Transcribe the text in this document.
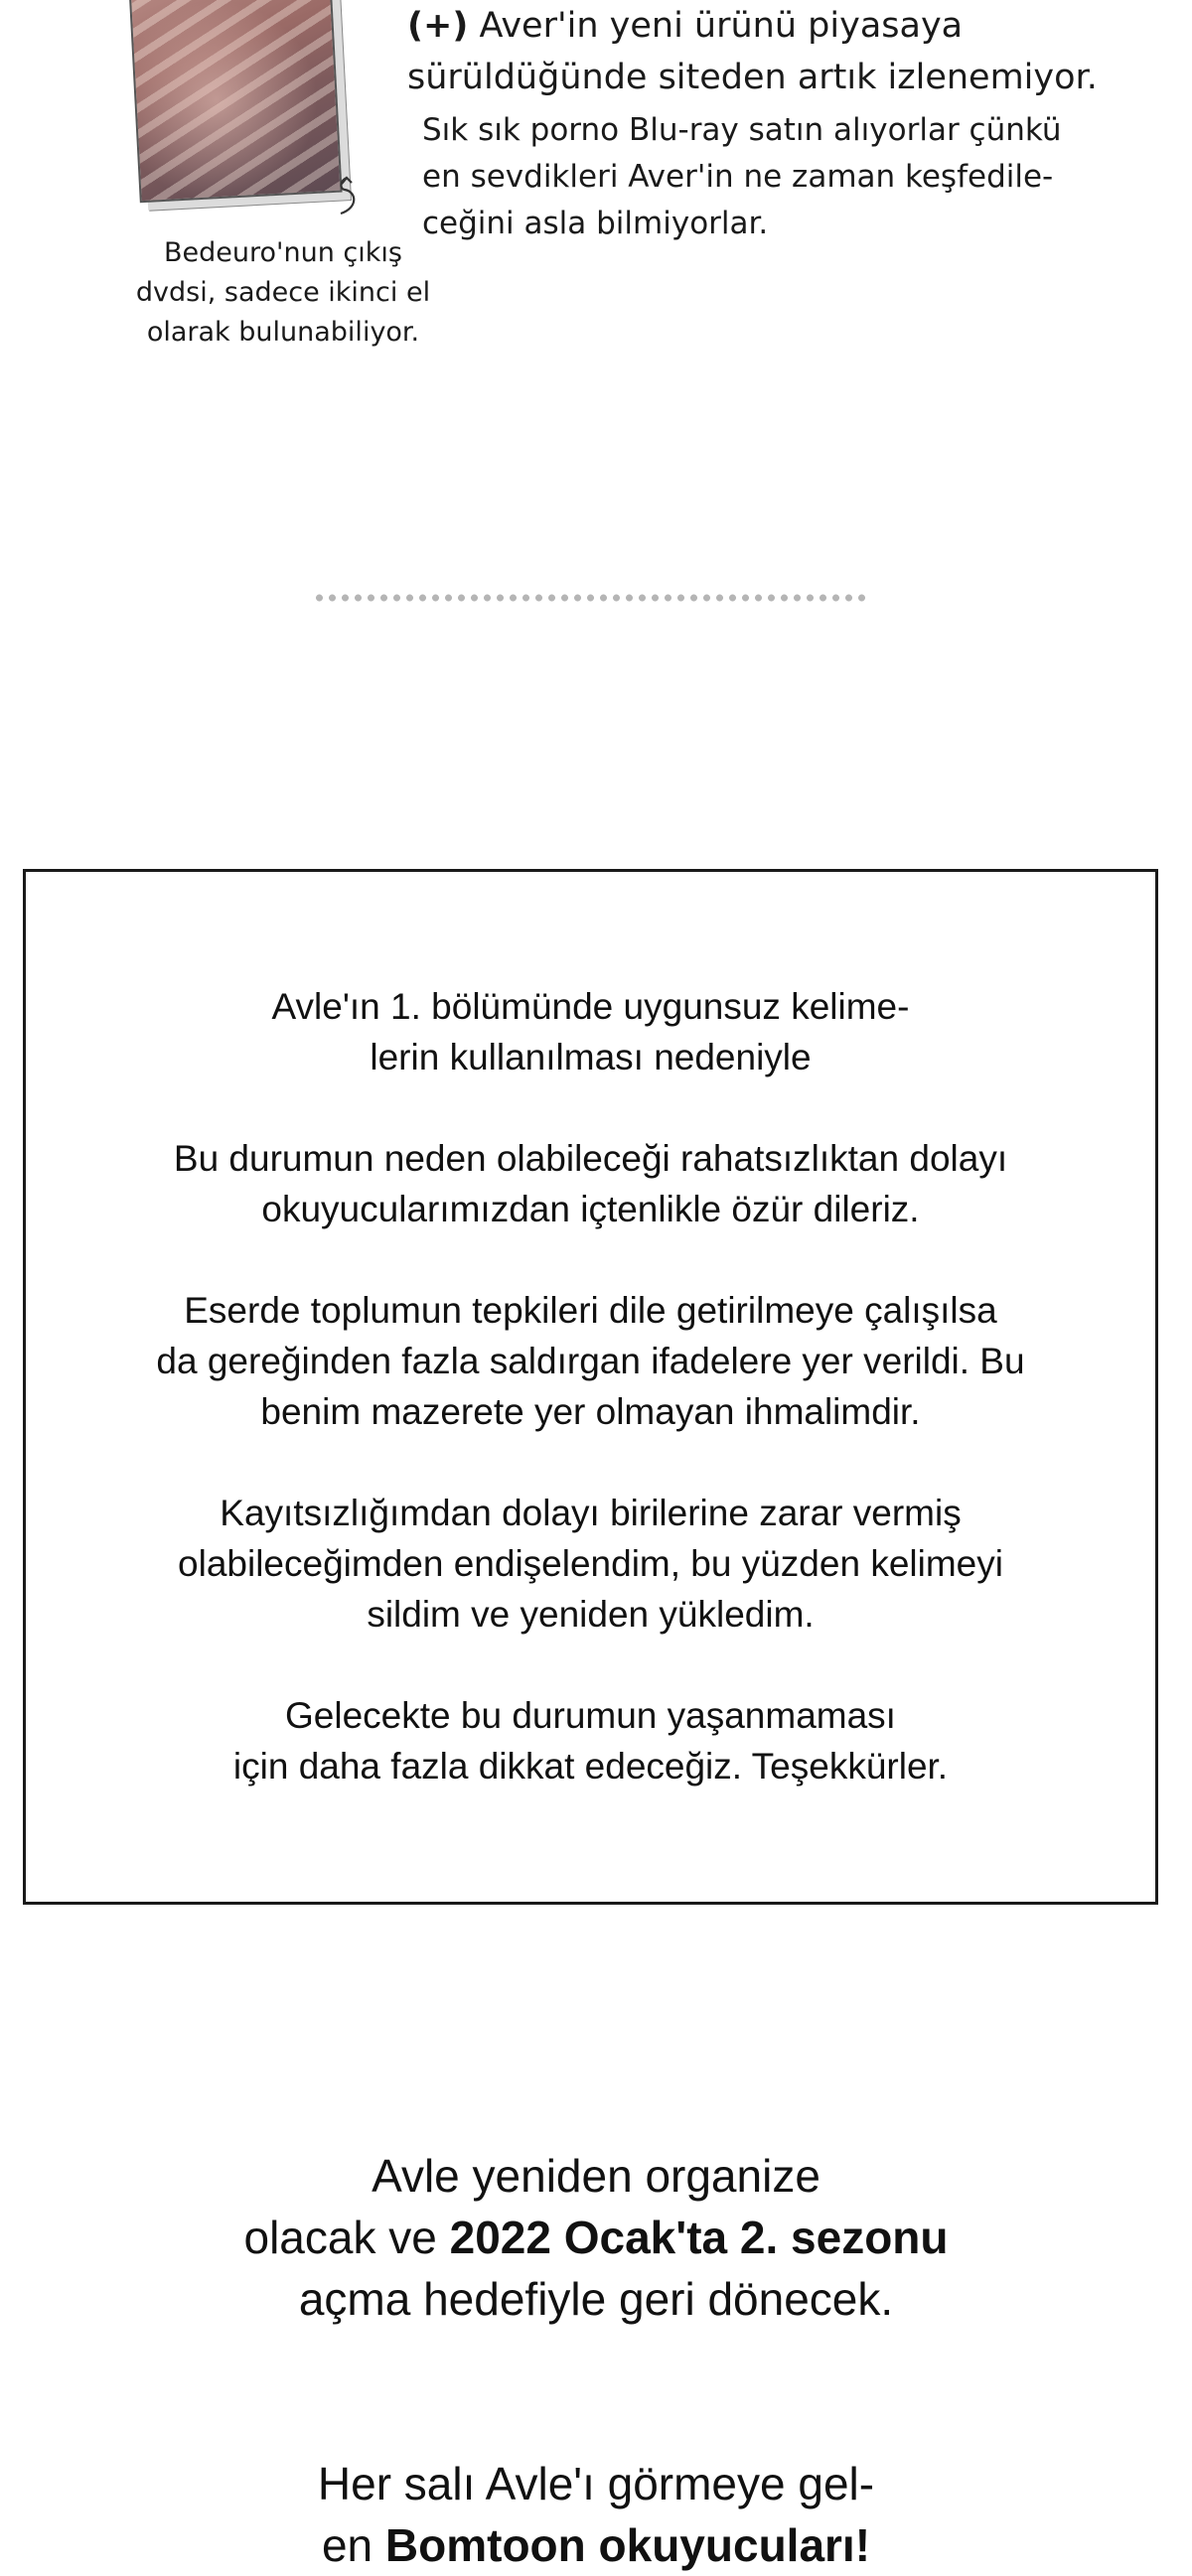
Bedeuro'nun çıkış
dvdsi, sadece ikinci el
olarak bulunabiliyor.
(+) Aver'in yeni ürünü piyasaya
sürüldüğünde siteden artık izlenemiyor.
Sık sık porno Blu-ray satın alıyorlar çünkü
en sevdikleri Aver'in ne zaman keşfedile-
ceğini asla bilmiyorlar.

Avle'ın 1. bölümünde uygunsuz kelime-
lerin kullanılması nedeniyle

Bu durumun neden olabileceği rahatsızlıktan dolayı
okuyucularımızdan içtenlikle özür dileriz.

Eserde toplumun tepkileri dile getirilmeye çalışılsa
da gereğinden fazla saldırgan ifadelere yer verildi. Bu
benim mazerete yer olmayan ihmalimdir.

Kayıtsızlığımdan dolayı birilerine zarar vermiş
olabileceğimden endişelendim, bu yüzden kelimeyi
sildim ve yeniden yükledim.

Gelecekte bu durumun yaşanmaması
için daha fazla dikkat edeceğiz. Teşekkürler.

Avle yeniden organize
olacak ve 2022 Ocak'ta 2. sezonu
açma hedefiyle geri dönecek.
Her salı Avle'ı görmeye gel-
en Bomtoon okuyucuları!
